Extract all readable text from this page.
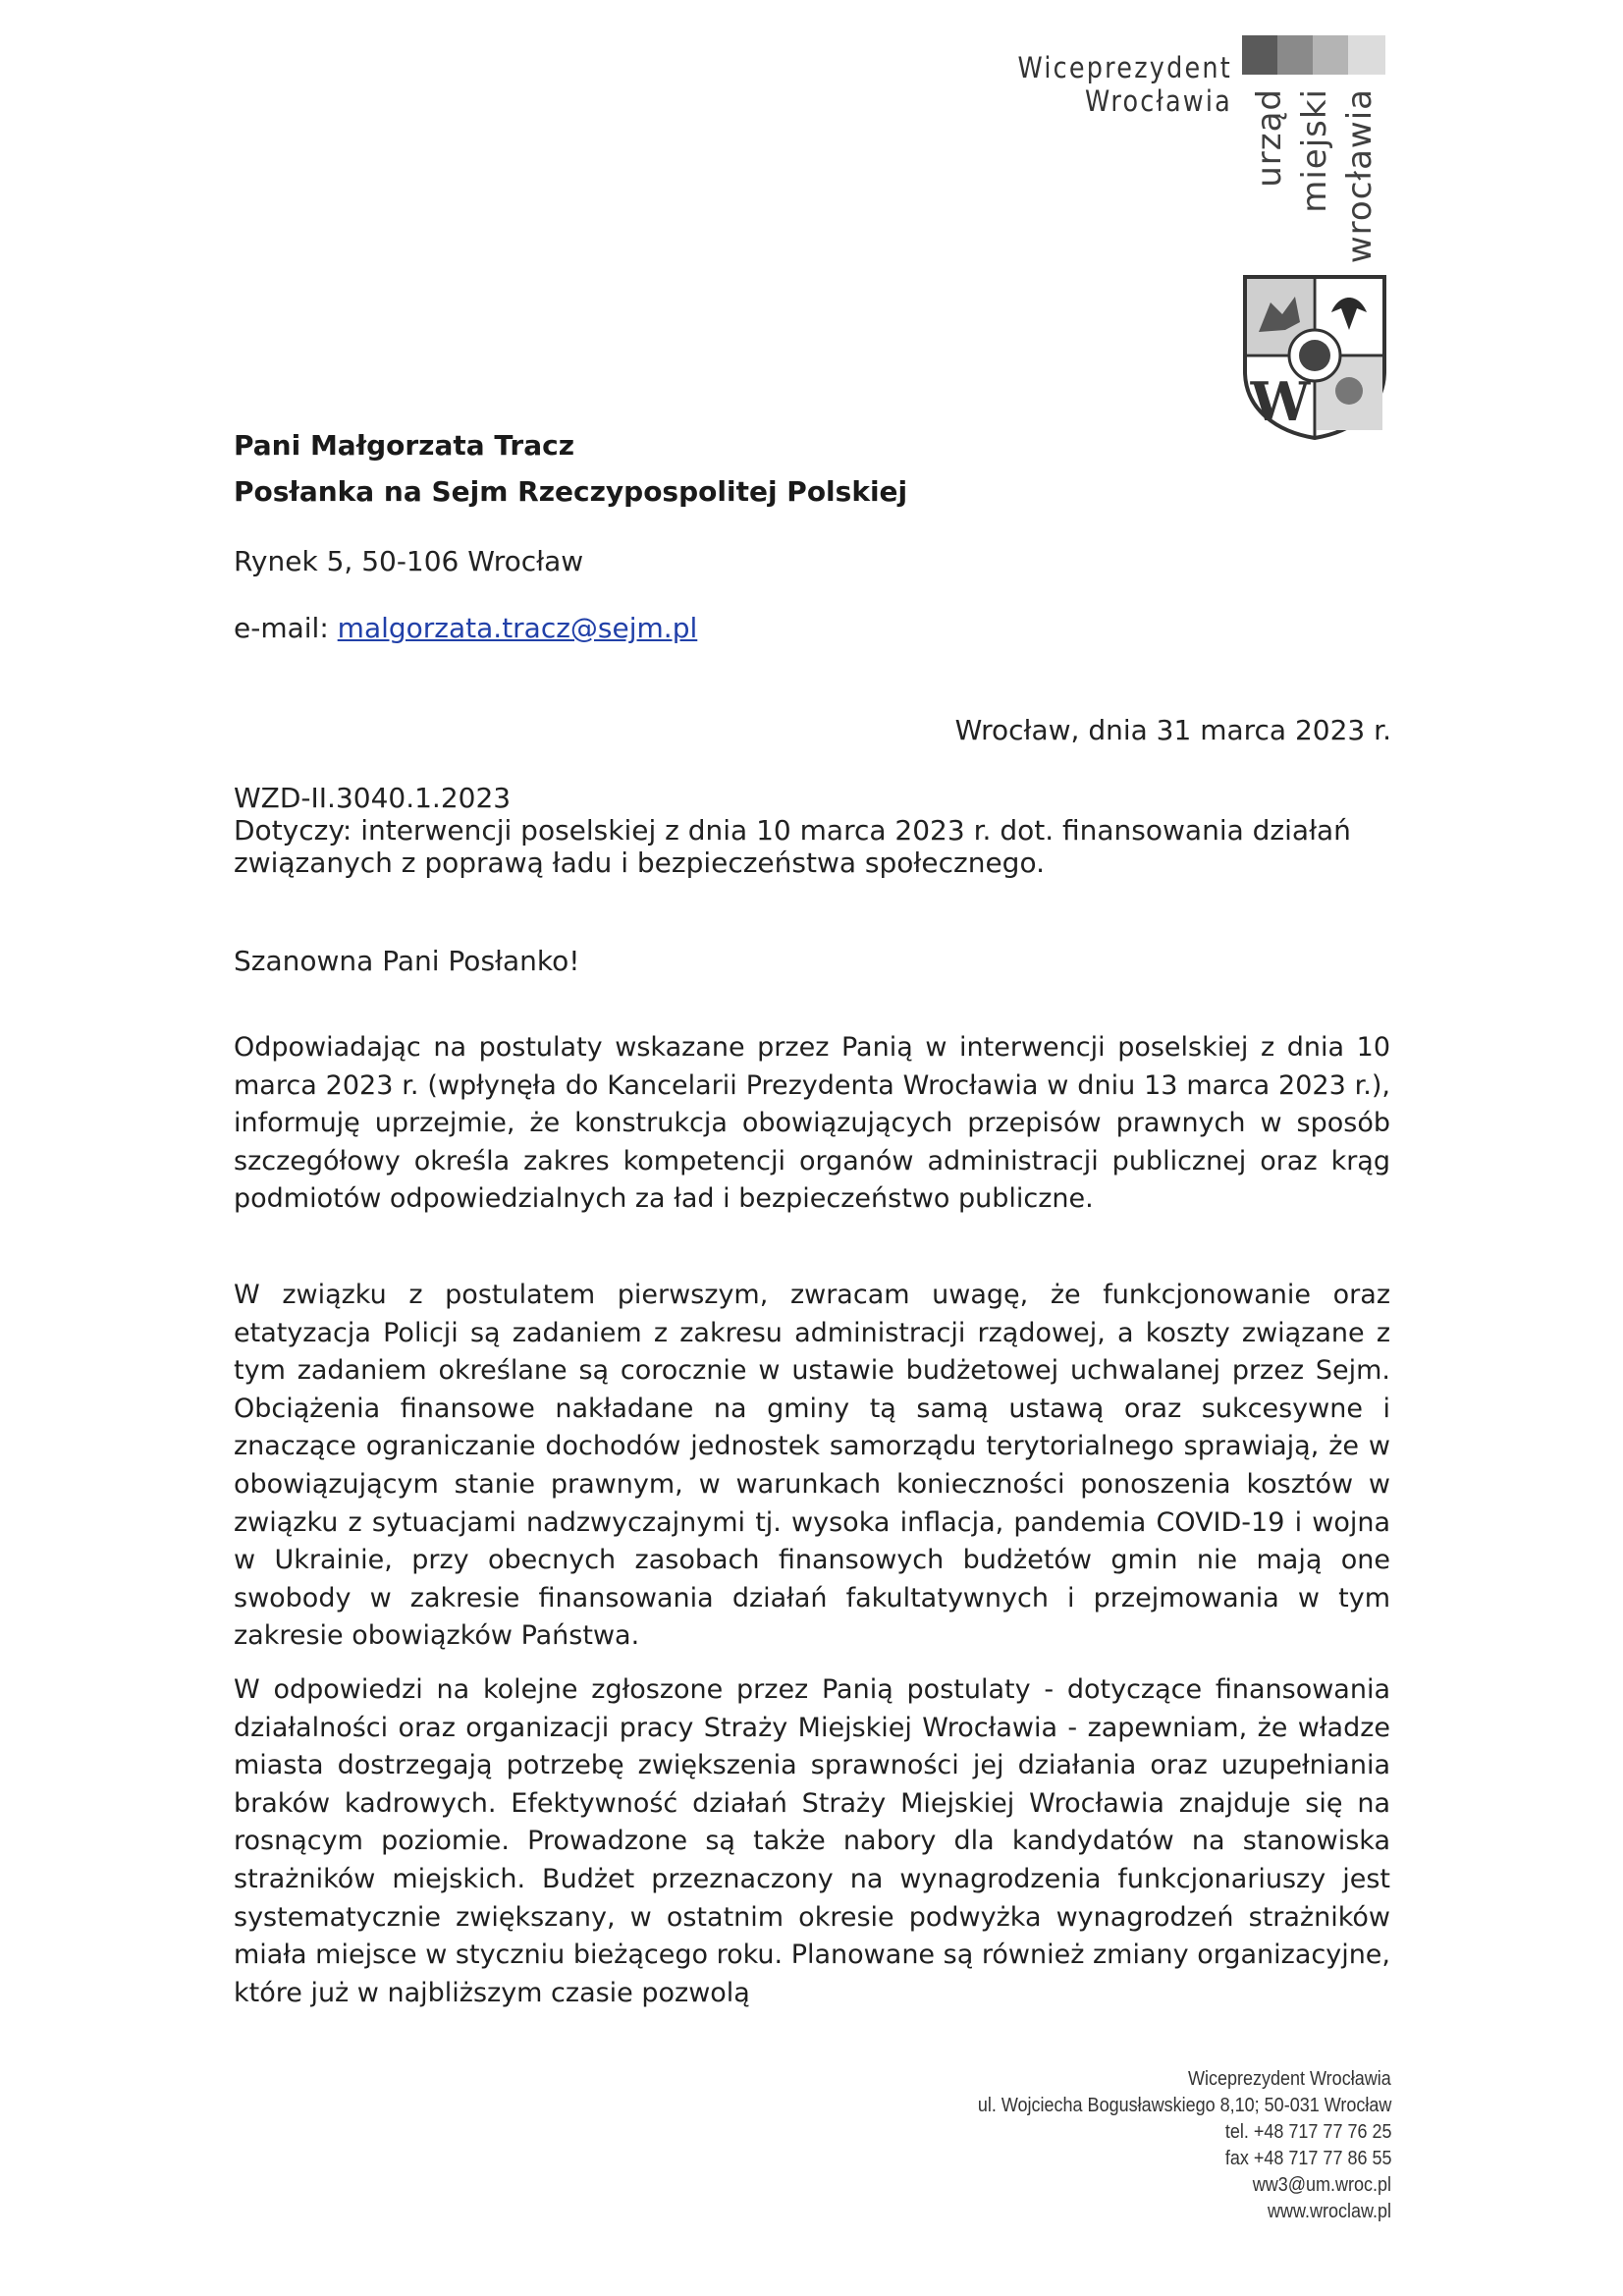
Wiceprezydent Wrocławia urząd miejski wrocławia
W
Pani Małgorzata Tracz
Posłanka na Sejm Rzeczypospolitej Polskiej
Rynek 5, 50-106 Wrocław
e-mail: malgorzata.tracz@sejm.pl
Wrocław, dnia 31 marca 2023 r.
WZD-II.3040.1.2023
Dotyczy: interwencji poselskiej z dnia 10 marca 2023 r. dot. finansowania działań
związanych z poprawą ładu i bezpieczeństwa społecznego.
Szanowna Pani Posłanko!
Odpowiadając na postulaty wskazane przez Panią w interwencji poselskiej z dnia 10 marca 2023 r. (wpłynęła do Kancelarii Prezydenta Wrocławia w dniu 13 marca 2023 r.), informuję uprzejmie, że konstrukcja obowiązujących przepisów prawnych w sposób szczegółowy określa zakres kompetencji organów administracji publicznej oraz krąg podmiotów odpowiedzialnych za ład i bezpieczeństwo publiczne.
W związku z postulatem pierwszym, zwracam uwagę, że funkcjonowanie oraz etatyzacja Policji są zadaniem z zakresu administracji rządowej, a koszty związane z tym zadaniem określane są corocznie w ustawie budżetowej uchwalanej przez Sejm. Obciążenia finansowe nakładane na gminy tą samą ustawą oraz sukcesywne i znaczące ograniczanie dochodów jednostek samorządu terytorialnego sprawiają, że w obowiązującym stanie prawnym, w warunkach konieczności ponoszenia kosztów w związku z sytuacjami nadzwyczajnymi tj. wysoka inflacja, pandemia COVID-19 i wojna w Ukrainie, przy obecnych zasobach finansowych budżetów gmin nie mają one swobody w zakresie finansowania działań fakultatywnych i przejmowania w tym zakresie obowiązków Państwa.
W odpowiedzi na kolejne zgłoszone przez Panią postulaty - dotyczące finansowania działalności oraz organizacji pracy Straży Miejskiej Wrocławia - zapewniam, że władze miasta dostrzegają potrzebę zwiększenia sprawności jej działania oraz uzupełniania braków kadrowych. Efektywność działań Straży Miejskiej Wrocławia znajduje się na rosnącym poziomie. Prowadzone są także nabory dla kandydatów na stanowiska strażników miejskich. Budżet przeznaczony na wynagrodzenia funkcjonariuszy jest systematycznie zwiększany, w ostatnim okresie podwyżka wynagrodzeń strażników miała miejsce w styczniu bieżącego roku. Planowane są również zmiany organizacyjne, które już w najbliższym czasie pozwolą
Wiceprezydent Wrocławia
ul. Wojciecha Bogusławskiego 8,10; 50-031 Wrocław
tel. +48 717 77 76 25
fax +48 717 77 86 55
ww3@um.wroc.pl
www.wroclaw.pl
